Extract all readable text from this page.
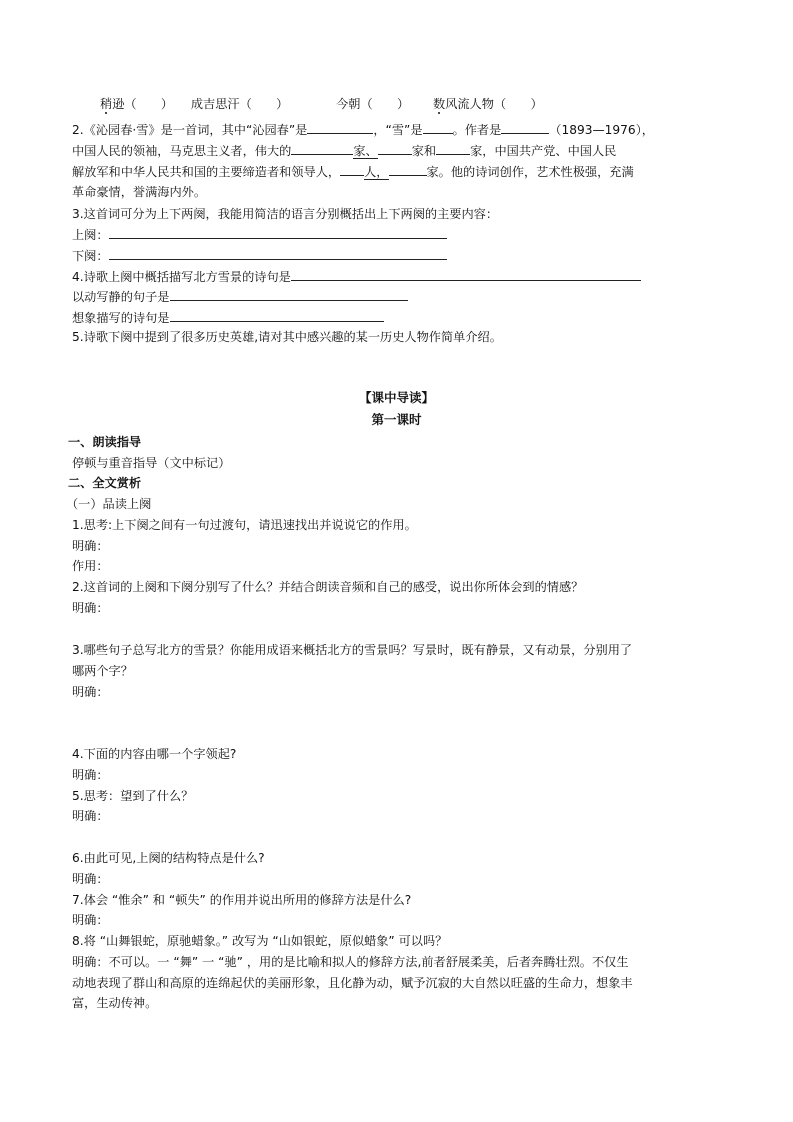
稍逊（　　） 成吉思汗（　　）	今朝（　　） 数风流人物（　　）
2.《沁园春·雪》是一首词，其中“沁园春”是	，“雪”是 。作者是	（1893—1976），
中国人民的领袖，马克思主义者，伟大的	家、	家和	家，中国共产党、中国人民
解放军和中华人民共和国的主要缔造者和领导人， 人，	家。他的诗词创作，艺术性极强，充满
革命豪情，誉满海内外。
3.这首词可分为上下两阕，我能用简洁的语言分别概括出上下两阕的主要内容：
上阕：
下阕：
4.诗歌上阕中概括描写北方雪景的诗句是
以动写静的句子是
想象描写的诗句是
5.诗歌下阕中提到了很多历史英雄,请对其中感兴趣的某一历史人物作简单介绍。
【课中导读】
第一课时
一、朗读指导
停顿与重音指导（文中标记）
二、全文赏析
（一）品读上阕
1.思考:上下阕之间有一句过渡句，请迅速找出并说说它的作用。
明确：
作用：
2.这首词的上阕和下阕分别写了什么？并结合朗读音频和自己的感受，说出你所体会到的情感？
明确：
3.哪些句子总写北方的雪景？你能用成语来概括北方的雪景吗？写景时，既有静景，又有动景，分别用了
哪两个字？
明确：
4.下面的内容由哪一个字领起?
明确：
5.思考：望到了什么？
明确：
6.由此可见,上阕的结构特点是什么?
明确：
7.体会 “惟余” 和 “顿失” 的作用并说出所用的修辞方法是什么?
明确：
8.将 “山舞银蛇，原驰蜡象。” 改写为 “山如银蛇，原似蜡象” 可以吗？
明确：不可以。一 “舞” 一 “驰” ，用的是比喻和拟人的修辞方法,前者舒展柔美，后者奔腾壮烈。不仅生
动地表现了群山和高原的连绵起伏的美丽形象，且化静为动，赋予沉寂的大自然以旺盛的生命力，想象丰
富，生动传神。
